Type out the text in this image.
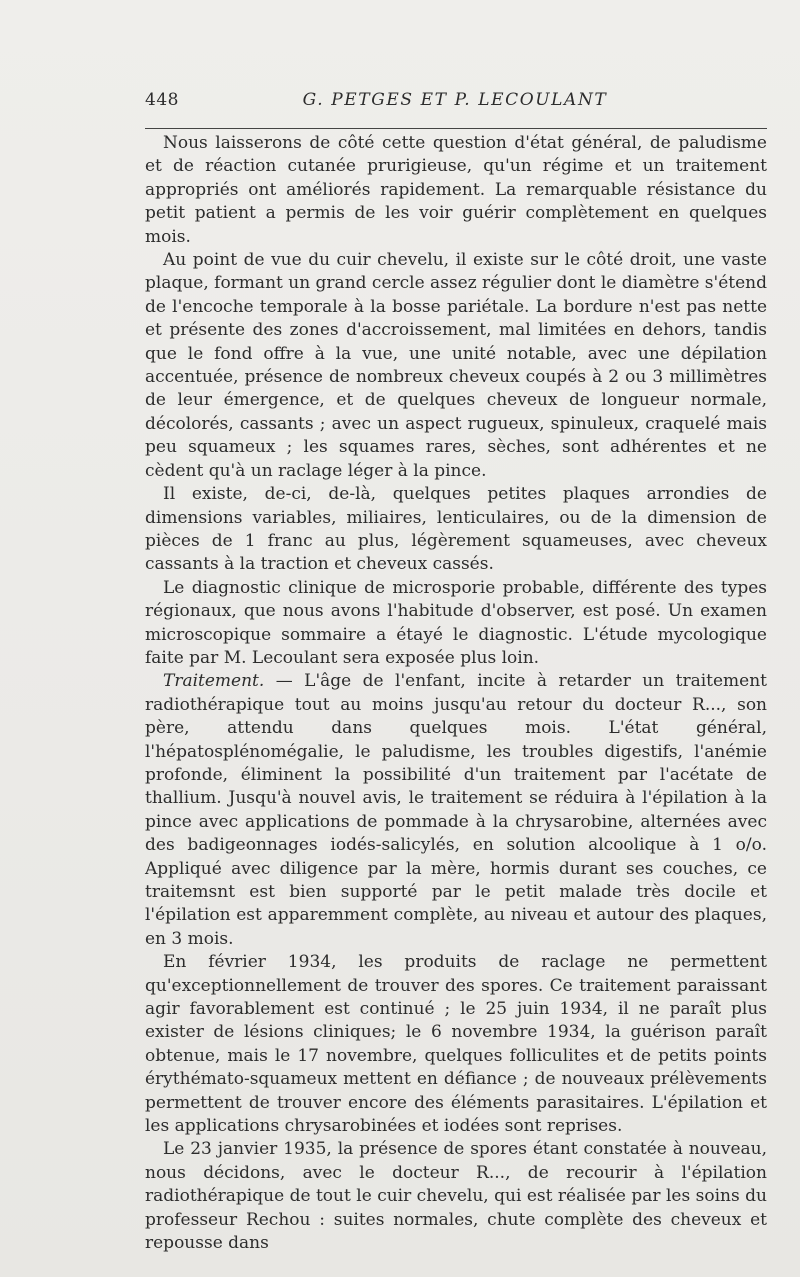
448	G. PETGES ET P. LECOULANT

Nous laisserons de côté cette question d'état général, de paludisme et de réaction cutanée prurigieuse, qu'un régime et un traitement appropriés ont améliorés rapidement. La remarquable résistance du petit patient a permis de les voir guérir complètement en quelques mois.

Au point de vue du cuir chevelu, il existe sur le côté droit, une vaste plaque, formant un grand cercle assez régulier dont le diamètre s'étend de l'encoche temporale à la bosse pariétale. La bordure n'est pas nette et présente des zones d'accroissement, mal limitées en dehors, tandis que le fond offre à la vue, une unité notable, avec une dépilation accentuée, présence de nombreux cheveux coupés à 2 ou 3 millimètres de leur émergence, et de quelques cheveux de longueur normale, décolorés, cassants ; avec un aspect rugueux, spinuleux, craquelé mais peu squameux ; les squames rares, sèches, sont adhérentes et ne cèdent qu'à un raclage léger à la pince.

Il existe, de-ci, de-là, quelques petites plaques arrondies de dimensions variables, miliaires, lenticulaires, ou de la dimension de pièces de 1 franc au plus, légèrement squameuses, avec cheveux cassants à la traction et cheveux cassés.

Le diagnostic clinique de microsporie probable, différente des types régionaux, que nous avons l'habitude d'observer, est posé. Un examen microscopique sommaire a étayé le diagnostic. L'étude mycologique faite par M. Lecoulant sera exposée plus loin.

Traitement. — L'âge de l'enfant, incite à retarder un traitement radiothérapique tout au moins jusqu'au retour du docteur R..., son père, attendu dans quelques mois. L'état général, l'hépatosplénomégalie, le paludisme, les troubles digestifs, l'anémie profonde, éliminent la possibilité d'un traitement par l'acétate de thallium. Jusqu'à nouvel avis, le traitement se réduira à l'épilation à la pince avec applications de pommade à la chrysarobine, alternées avec des badigeonnages iodés-salicylés, en solution alcoolique à 1 o/o. Appliqué avec diligence par la mère, hormis durant ses couches, ce traitemsnt est bien supporté par le petit malade très docile et l'épilation est apparemment complète, au niveau et autour des plaques, en 3 mois.

En février 1934, les produits de raclage ne permettent qu'exceptionnellement de trouver des spores. Ce traitement paraissant agir favorablement est continué ; le 25 juin 1934, il ne paraît plus exister de lésions cliniques; le 6 novembre 1934, la guérison paraît obtenue, mais le 17 novembre, quelques folliculites et de petits points érythémato-squameux mettent en défiance ; de nouveaux prélèvements permettent de trouver encore des éléments parasitaires. L'épilation et les applications chrysarobinées et iodées sont reprises.

Le 23 janvier 1935, la présence de spores étant constatée à nouveau, nous décidons, avec le docteur R..., de recourir à l'épilation radiothérapique de tout le cuir chevelu, qui est réalisée par les soins du professeur Rechou : suites normales, chute complète des cheveux et repousse dans
